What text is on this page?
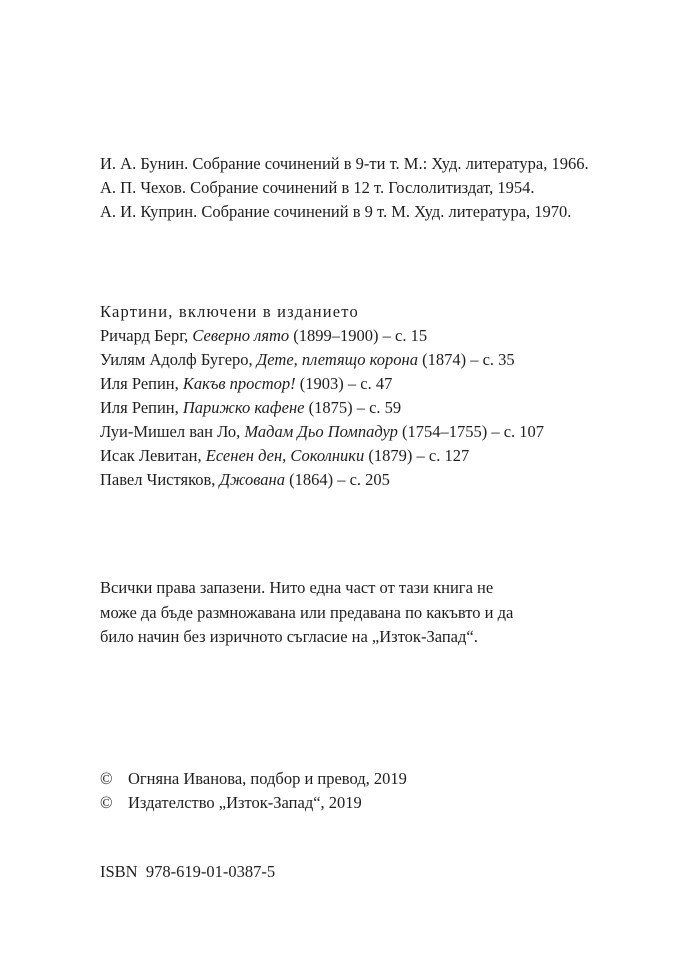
И. А. Бунин. Собрание сочинений в 9-ти т. М.: Худ. литература, 1966.
А. П. Чехов. Собрание сочинений в 12 т. Гослолитиздат, 1954.
А. И. Куприн. Собрание сочинений в 9 т. М. Худ. литература, 1970.
Картини, включени в изданието
Ричард Берг, Северно лято (1899–1900) – с. 15
Уилям Адолф Бугеро, Дете, плетящо корона (1874) – с. 35
Иля Репин, Какъв простор! (1903) – с. 47
Иля Репин, Парижко кафене (1875) – с. 59
Луи-Мишел ван Ло, Мадам Дьо Помпадур (1754–1755) – с. 107
Исак Левитан, Есенен ден, Соколники (1879) – с. 127
Павел Чистяков, Джована (1864) – с. 205
Всички права запазени. Нито една част от тази книга не
може да бъде размножавана или предавана по какъвто и да
било начин без изричното съгласие на „Изток-Запад“.
© Огняна Иванова, подбор и превод, 2019
© Издателство „Изток-Запад“, 2019
ISBN  978-619-01-0387-5
